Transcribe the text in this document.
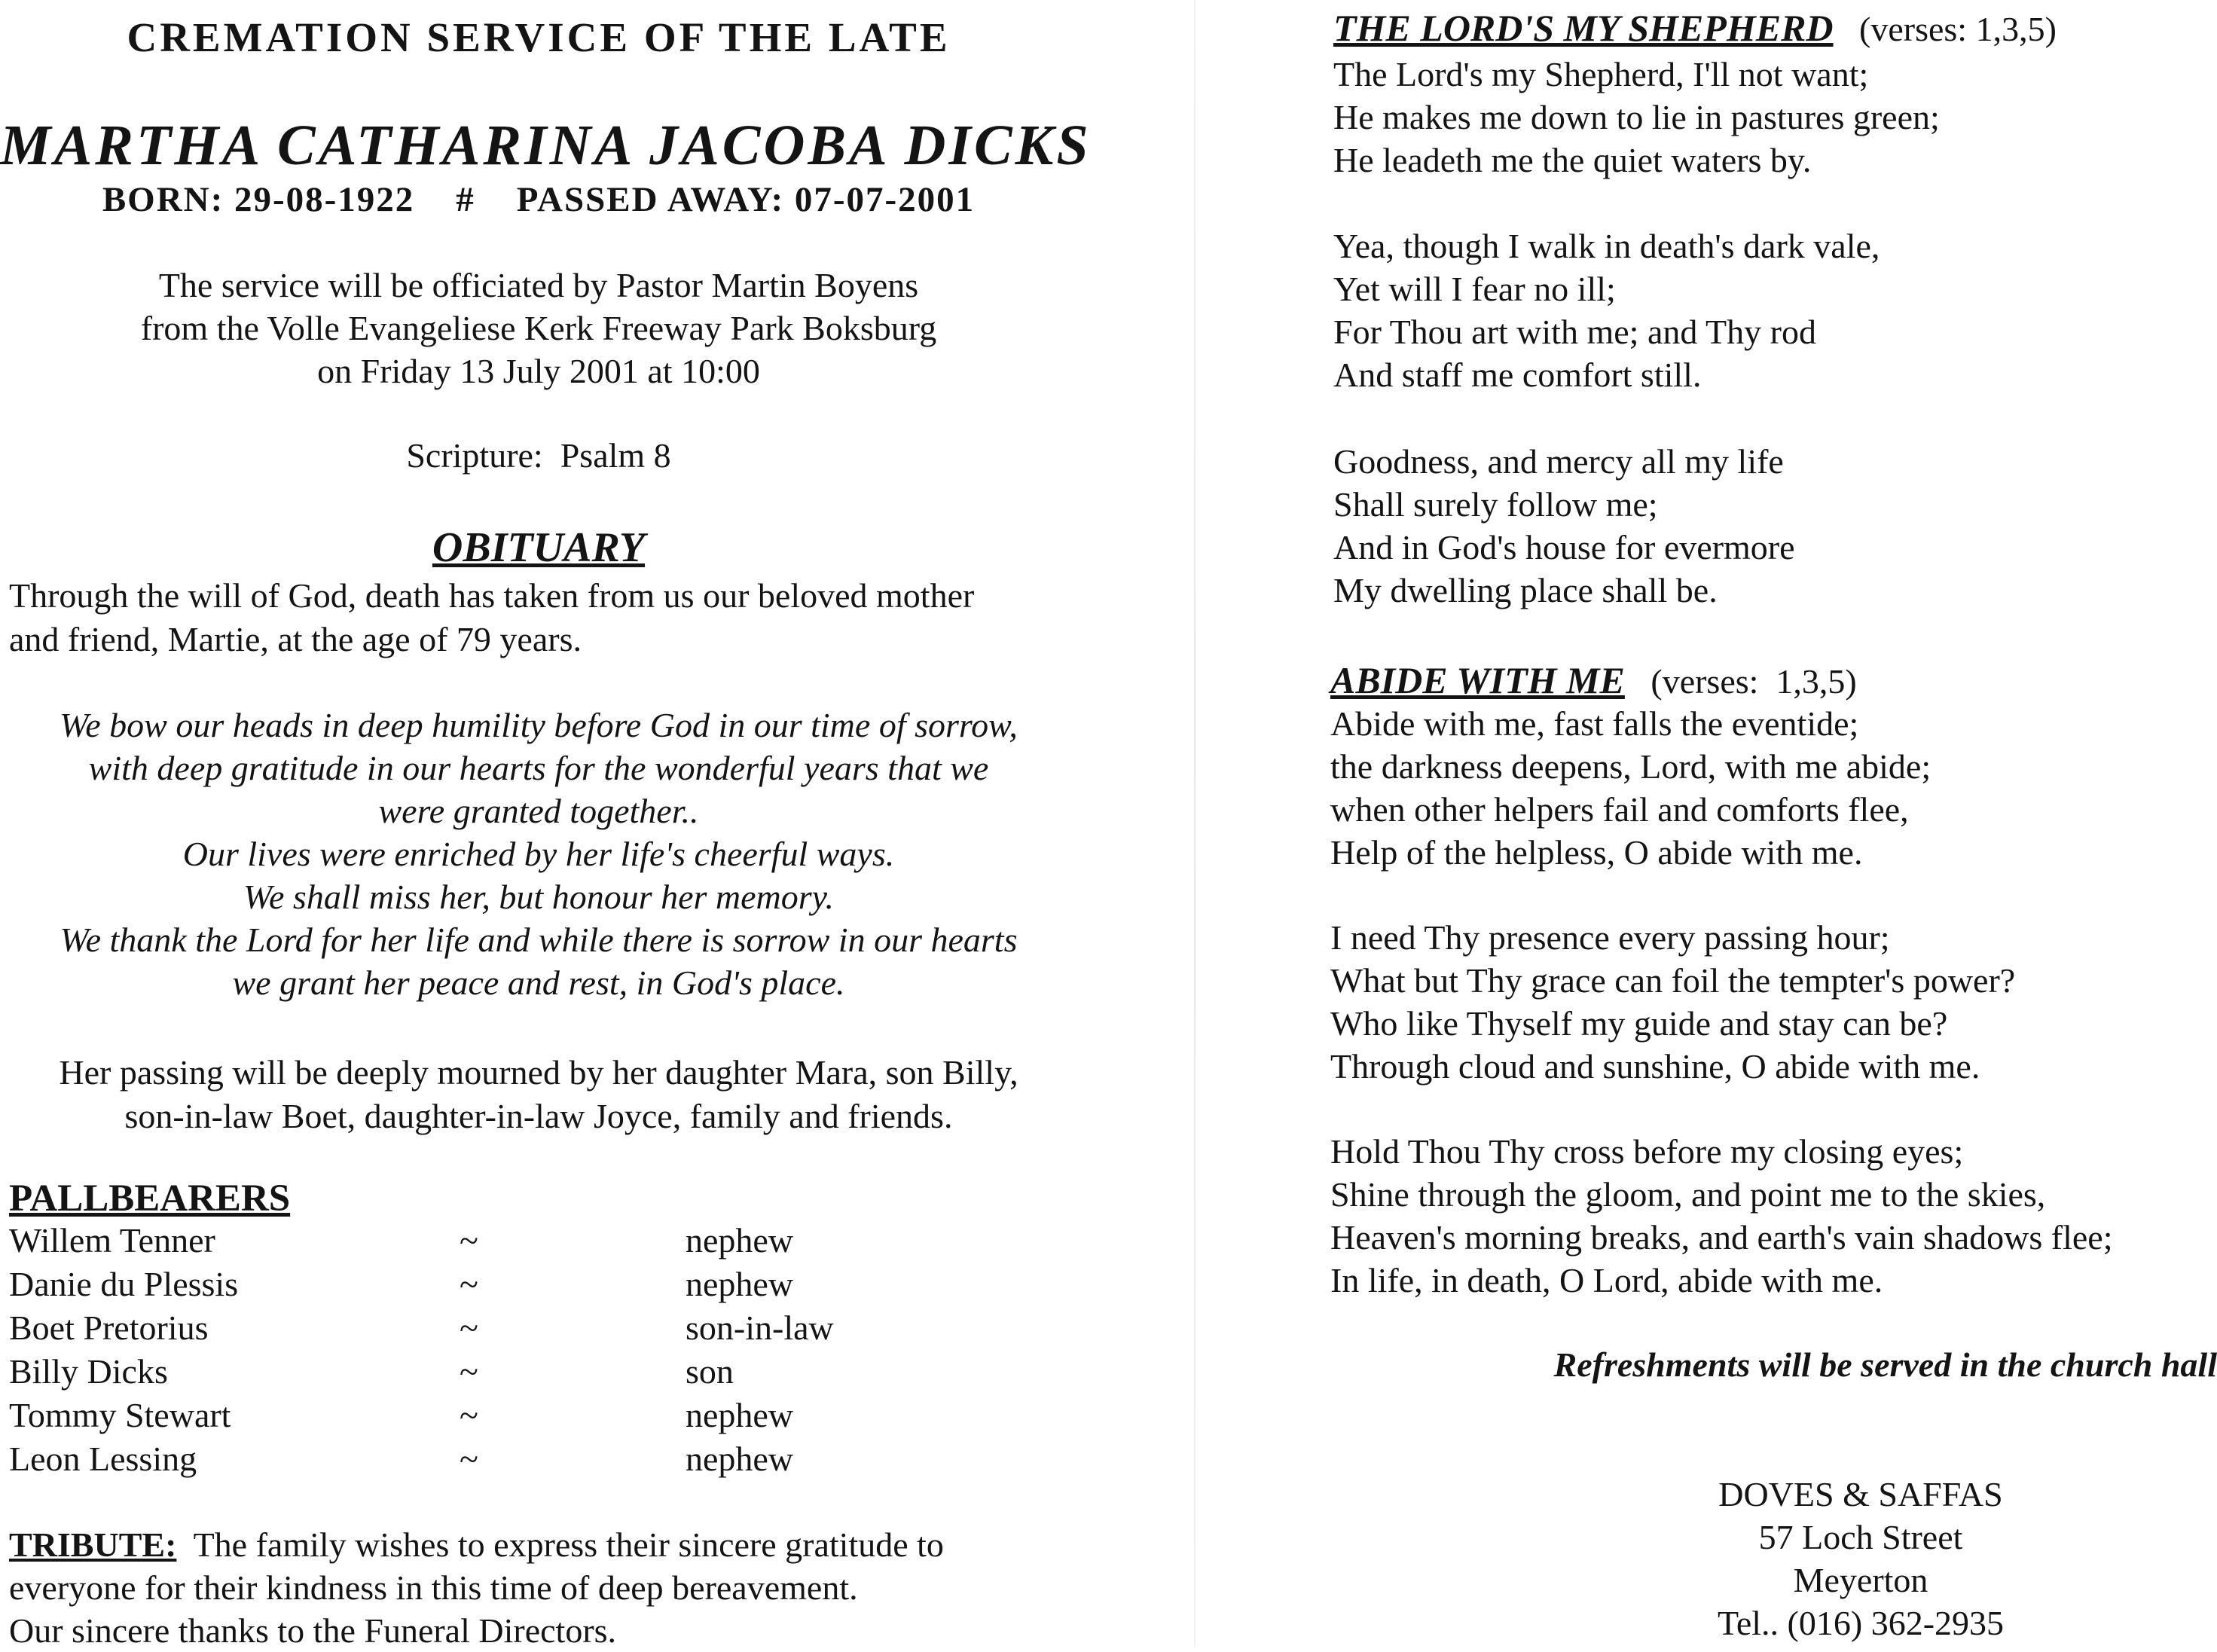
CREMATION SERVICE OF THE LATE
MARTHA CATHARINA JACOBA DICKS
BORN: 29-08-1922    #    PASSED AWAY: 07-07-2001
The service will be officiated by Pastor Martin Boyens
from the Volle Evangeliese Kerk Freeway Park Boksburg
on Friday 13 July 2001 at 10:00
Scripture:  Psalm 8
OBITUARY
Through the will of God, death has taken from us our beloved mother
and friend, Martie, at the age of 79 years.
We bow our heads in deep humility before God in our time of sorrow,
with deep gratitude in our hearts for the wonderful years that we
were granted together..
Our lives were enriched by her life's cheerful ways.
We shall miss her, but honour her memory.
We thank the Lord for her life and while there is sorrow in our hearts
we grant her peace and rest, in God's place.
Her passing will be deeply mourned by her daughter Mara, son Billy,
son-in-law Boet, daughter-in-law Joyce, family and friends.
PALLBEARERS
Willem Tenner	~	nephew
Danie du Plessis	~	nephew
Boet Pretorius	~	son-in-law
Billy Dicks	~	son
Tommy Stewart	~	nephew
Leon Lessing	~	nephew
TRIBUTE: The family wishes to express their sincere gratitude to
everyone for their kindness in this time of deep bereavement.
Our sincere thanks to the Funeral Directors.
THE LORD'S MY SHEPHERD (verses: 1,3,5)
The Lord's my Shepherd, I'll not want;
He makes me down to lie in pastures green;
He leadeth me the quiet waters by.
Yea, though I walk in death's dark vale,
Yet will I fear no ill;
For Thou art with me; and Thy rod
And staff me comfort still.
Goodness, and mercy all my life
Shall surely follow me;
And in God's house for evermore
My dwelling place shall be.
ABIDE WITH ME (verses:  1,3,5)
Abide with me, fast falls the eventide;
the darkness deepens, Lord, with me abide;
when other helpers fail and comforts flee,
Help of the helpless, O abide with me.
I need Thy presence every passing hour;
What but Thy grace can foil the tempter's power?
Who like Thyself my guide and stay can be?
Through cloud and sunshine, O abide with me.
Hold Thou Thy cross before my closing eyes;
Shine through the gloom, and point me to the skies,
Heaven's morning breaks, and earth's vain shadows flee;
In life, in death, O Lord, abide with me.
Refreshments will be served in the church hall
DOVES & SAFFAS
57 Loch Street
Meyerton
Tel.. (016) 362-2935
